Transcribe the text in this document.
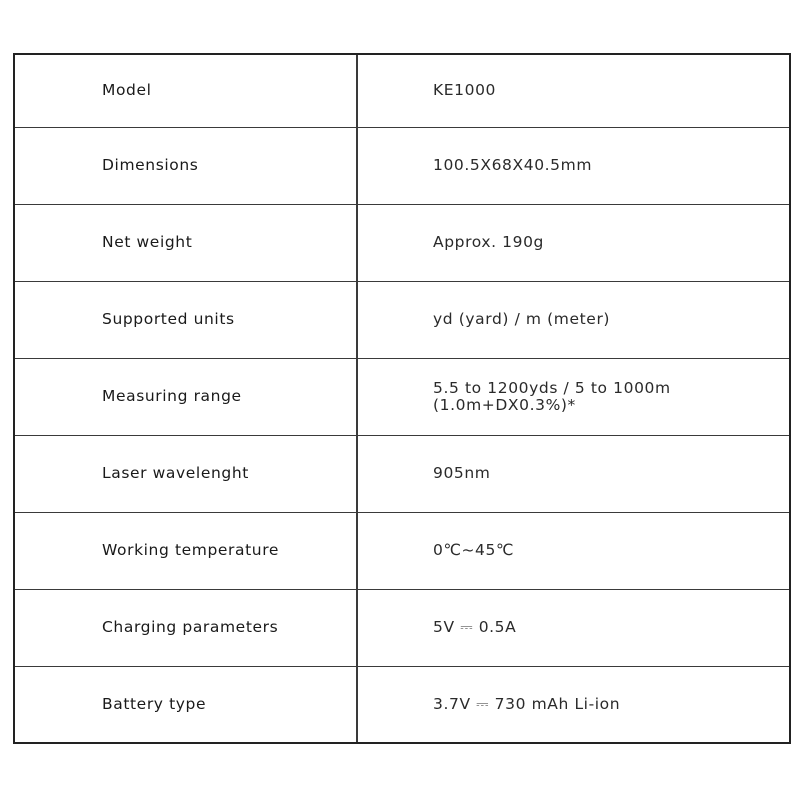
Model	KE1000
Dimensions	100.5X68X40.5mm
Net weight	Approx. 190g
Supported units	yd (yard) / m (meter)
Measuring range	5.5 to 1200yds / 5 to 1000m
(1.0m+DX0.3%)*
Laser wavelenght	905nm
Working temperature	0℃~45℃
Charging parameters	5V ⎓ 0.5A
Battery type	3.7V ⎓ 730 mAh Li-ion
